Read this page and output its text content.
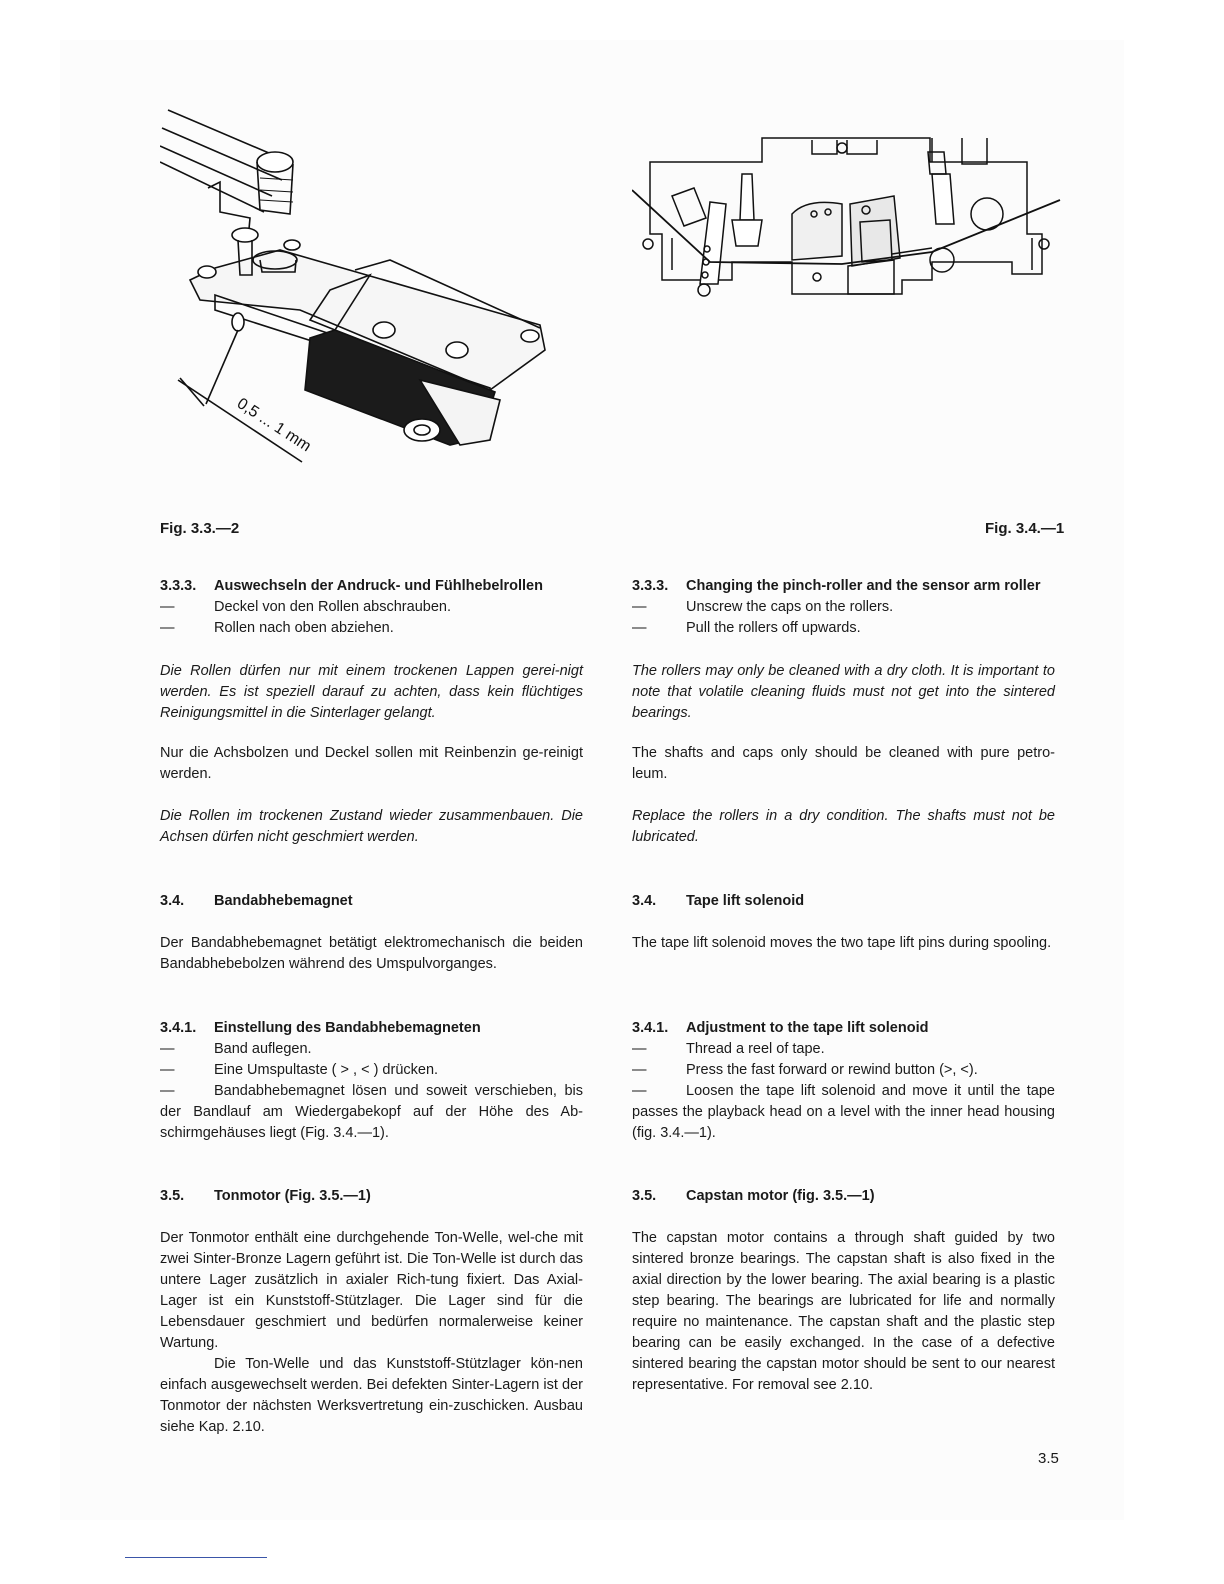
0,5 ... 1 mm
Fig. 3.3.—2	Fig. 3.4.—1
3.3.3.	Auswechseln der Andruck- und Fühlhebelrollen
—	Deckel von den Rollen abschrauben.
—	Rollen nach oben abziehen.

Die Rollen dürfen nur mit einem trockenen Lappen gerei-nigt werden. Es ist speziell darauf zu achten, dass kein flüchtiges Reinigungsmittel in die Sinterlager gelangt.

Nur die Achsbolzen und Deckel sollen mit Reinbenzin ge-reinigt werden.

Die Rollen im trockenen Zustand wieder zusammenbauen. Die Achsen dürfen nicht geschmiert werden.

3.4.	Bandabhebemagnet

Der Bandabhebemagnet betätigt elektromechanisch die beiden Bandabhebebolzen während des Umspulvorganges.

3.4.1.	Einstellung des Bandabhebemagneten
—	Band auflegen.
—	Eine Umspultaste ( > , < ) drücken.
—	Bandabhebemagnet lösen und soweit verschieben, bis der Bandlauf am Wiedergabekopf auf der Höhe des Ab-schirmgehäuses liegt (Fig. 3.4.—1).

3.5.	Tonmotor (Fig. 3.5.—1)

Der Tonmotor enthält eine durchgehende Ton-Welle, wel-che mit zwei Sinter-Bronze Lagern geführt ist. Die Ton-Welle ist durch das untere Lager zusätzlich in axialer Rich-tung fixiert. Das Axial-Lager ist ein Kunststoff-Stützlager. Die Lager sind für die Lebensdauer geschmiert und bedürfen normalerweise keiner Wartung.

Die Ton-Welle und das Kunststoff-Stützlager kön-nen einfach ausgewechselt werden. Bei defekten Sinter-Lagern ist der Tonmotor der nächsten Werksvertretung ein-zuschicken. Ausbau siehe Kap. 2.10.

3.3.3.	Changing the pinch-roller and the sensor arm roller
—	Unscrew the caps on the rollers.
—	Pull the rollers off upwards.

The rollers may only be cleaned with a dry cloth. It is important to note that volatile cleaning fluids must not get into the sintered bearings.

The shafts and caps only should be cleaned with pure petro-leum.

Replace the rollers in a dry condition. The shafts must not be lubricated.

3.4.	Tape lift solenoid

The tape lift solenoid moves the two tape lift pins during spooling.

3.4.1.	Adjustment to the tape lift solenoid
—	Thread a reel of tape.
—	Press the fast forward or rewind button (>, <).
—	Loosen the tape lift solenoid and move it until the tape passes the playback head on a level with the inner head housing (fig. 3.4.—1).

3.5.	Capstan motor (fig. 3.5.—1)

The capstan motor contains a through shaft guided by two sintered bronze bearings. The capstan shaft is also fixed in the axial direction by the lower bearing. The axial bearing is a plastic step bearing. The bearings are lubricated for life and normally require no maintenance. The capstan shaft and the plastic step bearing can be easily exchanged. In the case of a defective sintered bearing the capstan motor should be sent to our nearest representative. For removal see 2.10.

3.5
